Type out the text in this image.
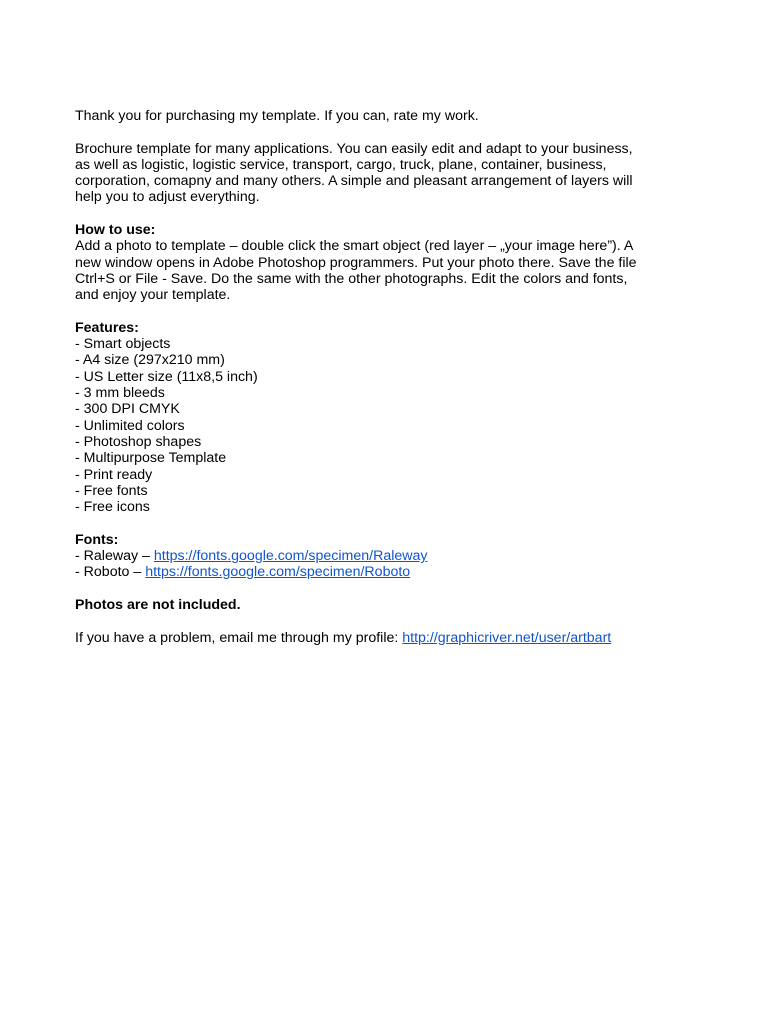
Thank you for purchasing my template. If you can, rate my work.

Brochure template for many applications. You can easily edit and adapt to your business,
as well as logistic, logistic service, transport, cargo, truck, plane, container, business,
corporation, comapny and many others. A simple and pleasant arrangement of layers will
help you to adjust everything.

How to use:
Add a photo to template – double click the smart object (red layer – „your image here”). A
new window opens in Adobe Photoshop programmers. Put your photo there. Save the file
Ctrl+S or File - Save. Do the same with the other photographs. Edit the colors and fonts,
and enjoy your template.

Features:
- Smart objects
- A4 size (297x210 mm)
- US Letter size (11x8,5 inch)
- 3 mm bleeds
- 300 DPI CMYK
- Unlimited colors
- Photoshop shapes
- Multipurpose Template
- Print ready
- Free fonts
- Free icons
Fonts:
- Raleway – https://fonts.google.com/specimen/Raleway
- Roboto – https://fonts.google.com/specimen/Roboto

Photos are not included.

If you have a problem, email me through my profile: http://graphicriver.net/user/artbart
